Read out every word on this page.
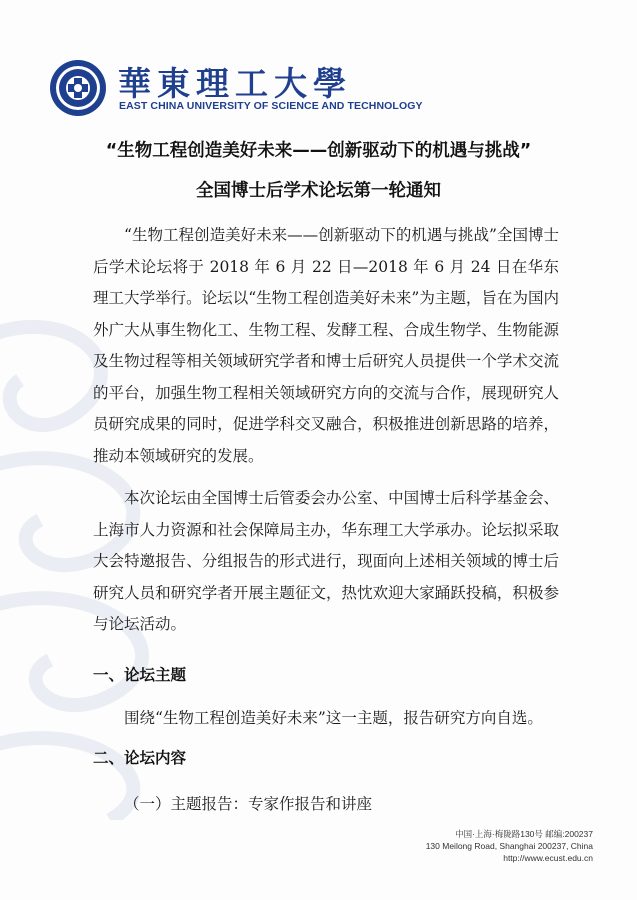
華東理工大學
EAST CHINA UNIVERSITY OF SCIENCE AND TECHNOLOGY
“生物工程创造美好未来——创新驱动下的机遇与挑战”
全国博士后学术论坛第一轮通知
“生物工程创造美好未来——创新驱动下的机遇与挑战”全国博士后学术论坛将于 2018 年 6 月 22 日—2018 年 6 月 24 日在华东理工大学举行。论坛以“生物工程创造美好未来”为主题，旨在为国内外广大从事生物化工、生物工程、发酵工程、合成生物学、生物能源及生物过程等相关领域研究学者和博士后研究人员提供一个学术交流的平台，加强生物工程相关领域研究方向的交流与合作，展现研究人员研究成果的同时，促进学科交叉融合，积极推进创新思路的培养，推动本领域研究的发展。
本次论坛由全国博士后管委会办公室、中国博士后科学基金会、上海市人力资源和社会保障局主办，华东理工大学承办。论坛拟采取大会特邀报告、分组报告的形式进行，现面向上述相关领域的博士后研究人员和研究学者开展主题征文，热忱欢迎大家踊跃投稿，积极参与论坛活动。
一、论坛主题
围绕“生物工程创造美好未来”这一主题，报告研究方向自选。
二、论坛内容
（一）主题报告：专家作报告和讲座
中国·上海·梅陇路130号 邮编:200237
130 Meilong Road, Shanghai 200237, China
http://www.ecust.edu.cn
